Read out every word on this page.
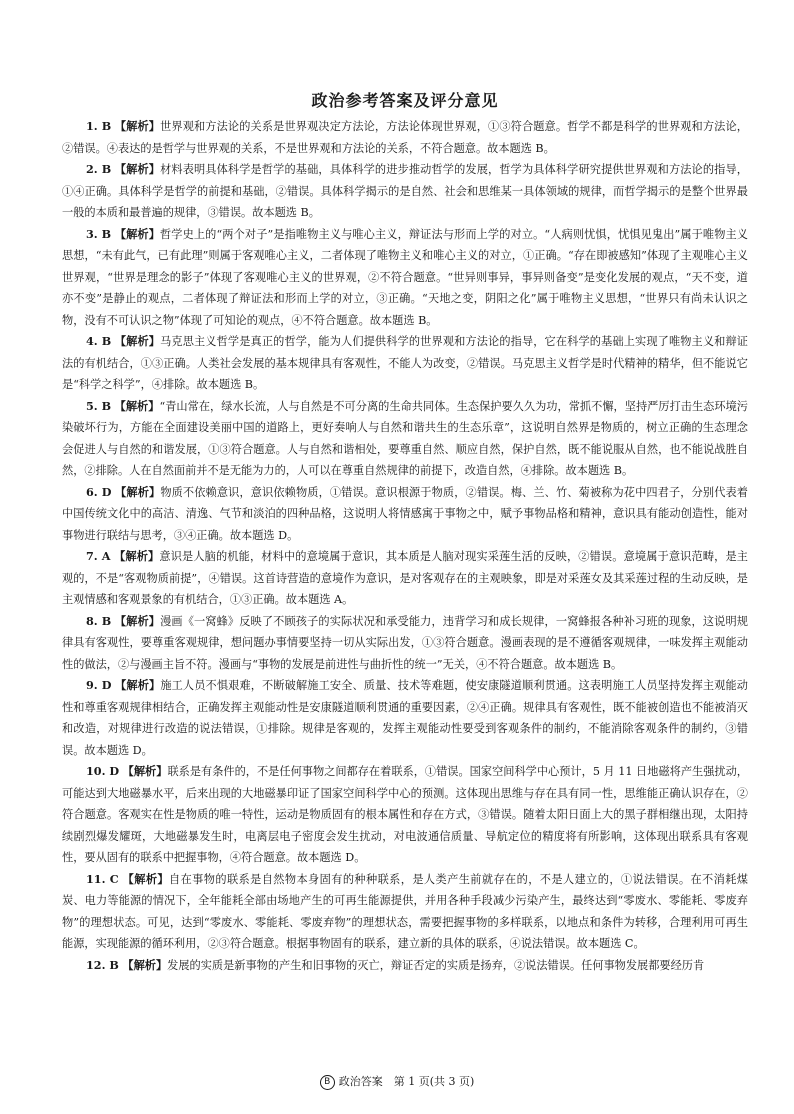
政治参考答案及评分意见

1. B 【解析】世界观和方法论的关系是世界观决定方法论，方法论体现世界观，①③符合题意。哲学不都是科学的世界观和方法论，②错误。④表达的是哲学与世界观的关系，不是世界观和方法论的关系，不符合题意。故本题选 B。

2. B 【解析】材料表明具体科学是哲学的基础，具体科学的进步推动哲学的发展，哲学为具体科学研究提供世界观和方法论的指导，①④正确。具体科学是哲学的前提和基础，②错误。具体科学揭示的是自然、社会和思维某一具体领域的规律，而哲学揭示的是整个世界最一般的本质和最普遍的规律，③错误。故本题选 B。

3. B 【解析】哲学史上的“两个对子”是指唯物主义与唯心主义，辩证法与形而上学的对立。“人病则忧惧，忧惧见鬼出”属于唯物主义思想，“未有此气，已有此理”则属于客观唯心主义，二者体现了唯物主义和唯心主义的对立，①正确。“存在即被感知”体现了主观唯心主义世界观，“世界是理念的影子”体现了客观唯心主义的世界观，②不符合题意。“世异则事异，事异则备变”是变化发展的观点，“天不变，道亦不变”是静止的观点，二者体现了辩证法和形而上学的对立，③正确。“天地之变，阴阳之化”属于唯物主义思想，“世界只有尚未认识之物，没有不可认识之物”体现了可知论的观点，④不符合题意。故本题选 B。

4. B 【解析】马克思主义哲学是真正的哲学，能为人们提供科学的世界观和方法论的指导，它在科学的基础上实现了唯物主义和辩证法的有机结合，①③正确。人类社会发展的基本规律具有客观性，不能人为改变，②错误。马克思主义哲学是时代精神的精华，但不能说它是“科学之科学”，④排除。故本题选 B。

5. B 【解析】“青山常在，绿水长流，人与自然是不可分离的生命共同体。生态保护要久久为功，常抓不懈，坚持严厉打击生态环境污染破坏行为，方能在全面建设美丽中国的道路上，更好奏响人与自然和谐共生的生态乐章”，这说明自然界是物质的，树立正确的生态理念会促进人与自然的和谐发展，①③符合题意。人与自然和谐相处，要尊重自然、顺应自然，保护自然，既不能说服从自然，也不能说战胜自然，②排除。人在自然面前并不是无能为力的，人可以在尊重自然规律的前提下，改造自然，④排除。故本题选 B。

6. D 【解析】物质不依赖意识，意识依赖物质，①错误。意识根源于物质，②错误。梅、兰、竹、菊被称为花中四君子，分别代表着中国传统文化中的高洁、清逸、气节和淡泊的四种品格，这说明人将情感寓于事物之中，赋予事物品格和精神，意识具有能动创造性，能对事物进行联结与思考，③④正确。故本题选 D。

7. A 【解析】意识是人脑的机能，材料中的意境属于意识，其本质是人脑对现实采莲生活的反映，②错误。意境属于意识范畴，是主观的，不是“客观物质前提”，④错误。这首诗营造的意境作为意识，是对客观存在的主观映象，即是对采莲女及其采莲过程的生动反映，是主观情感和客观景象的有机结合，①③正确。故本题选 A。

8. B 【解析】漫画《一窝蜂》反映了不顾孩子的实际状况和承受能力，违背学习和成长规律，一窝蜂报各种补习班的现象，这说明规律具有客观性，要尊重客观规律，想问题办事情要坚持一切从实际出发，①③符合题意。漫画表现的是不遵循客观规律，一味发挥主观能动性的做法，②与漫画主旨不符。漫画与“事物的发展是前进性与曲折性的统一”无关，④不符合题意。故本题选 B。

9. D 【解析】施工人员不惧艰难，不断破解施工安全、质量、技术等难题，使安康隧道顺利贯通。这表明施工人员坚持发挥主观能动性和尊重客观规律相结合，正确发挥主观能动性是安康隧道顺利贯通的重要因素，②④正确。规律具有客观性，既不能被创造也不能被消灭和改造，对规律进行改造的说法错误，①排除。规律是客观的，发挥主观能动性要受到客观条件的制约，不能消除客观条件的制约，③错误。故本题选 D。

10. D 【解析】联系是有条件的，不是任何事物之间都存在着联系，①错误。国家空间科学中心预计，5 月 11 日地磁将产生强扰动，可能达到大地磁暴水平，后来出现的大地磁暴印证了国家空间科学中心的预测。这体现出思维与存在具有同一性，思维能正确认识存在，②符合题意。客观实在性是物质的唯一特性，运动是物质固有的根本属性和存在方式，③错误。随着太阳日面上大的黑子群相继出现，太阳持续剧烈爆发耀斑，大地磁暴发生时，电离层电子密度会发生扰动，对电波通信质量、导航定位的精度将有所影响，这体现出联系具有客观性，要从固有的联系中把握事物，④符合题意。故本题选 D。

11. C 【解析】自在事物的联系是自然物本身固有的种种联系，是人类产生前就存在的，不是人建立的，①说法错误。在不消耗煤炭、电力等能源的情况下，全年能耗全部由场地产生的可再生能源提供，并用各种手段减少污染产生，最终达到“零废水、零能耗、零废弃物”的理想状态。可见，达到“零废水、零能耗、零废弃物”的理想状态，需要把握事物的多样联系，以地点和条件为转移，合理利用可再生能源，实现能源的循环利用，②③符合题意。根据事物固有的联系，建立新的具体的联系，④说法错误。故本题选 C。

12. B 【解析】发展的实质是新事物的产生和旧事物的灭亡，辩证否定的实质是扬弃，②说法错误。任何事物发展都要经历肯

B 政治答案　第 1 页(共 3 页)
